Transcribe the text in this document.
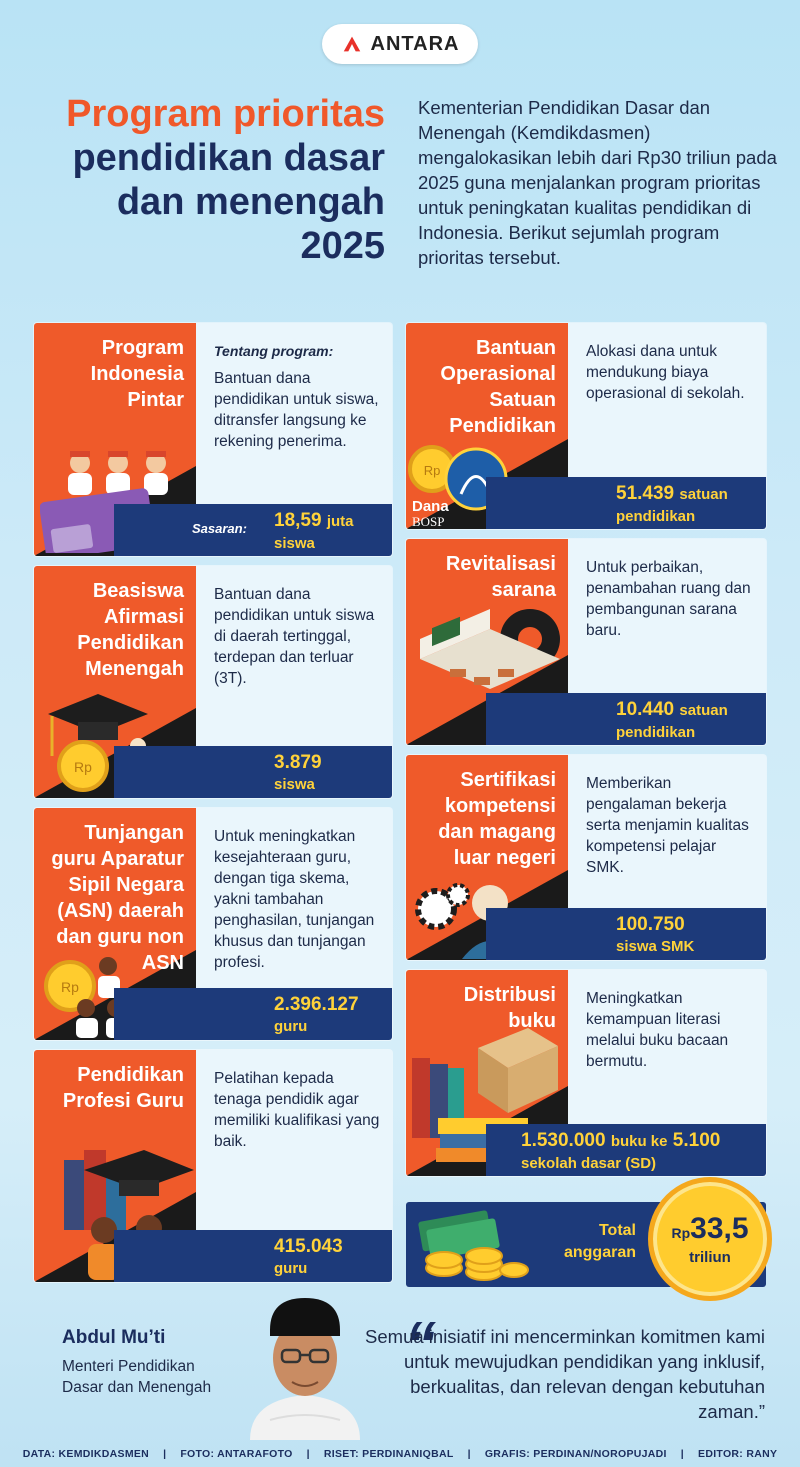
ANTARA
Program prioritas
pendidikan dasar
dan menengah
2025
Kementerian Pendidikan Dasar dan Menengah (Kemdikdasmen) mengalokasikan lebih dari Rp30 triliun pada 2025 guna menjalankan program prioritas untuk peningkatan kualitas pendidikan di Indonesia. Berikut sejumlah program prioritas tersebut.
Program Indonesia Pintar
Tentang program:
Bantuan dana pendidikan untuk siswa, ditransfer langsung ke rekening penerima.
Sasaran: 18,59 juta
siswa
Beasiswa Afirmasi Pendidikan Menengah
Rp
Bantuan dana pendidikan untuk siswa di daerah tertinggal, terdepan dan terluar (3T).
3.879
siswa
Tunjangan guru Aparatur Sipil Negara (ASN) daerah dan guru non ASN
Rp
Untuk meningkatkan kesejahteraan guru, dengan tiga skema, yakni tambahan penghasilan, tunjangan khusus dan tunjangan profesi.
2.396.127
guru
Pendidikan Profesi Guru
Pelatihan kepada tenaga pendidik agar memiliki kualifikasi yang baik.
415.043
guru
Bantuan Operasional Satuan Pendidikan
Rp
Dana
BOSP
Alokasi dana untuk mendukung biaya operasional di sekolah.
51.439 satuan
pendidikan
Revitalisasi sarana
Untuk perbaikan, penambahan ruang dan pembangunan sarana baru.
10.440 satuan
pendidikan
Sertifikasi kompetensi dan magang luar negeri
Memberikan pengalaman bekerja serta menjamin kualitas kompetensi pelajar SMK.
100.750
siswa SMK
Distribusi buku
Meningkatkan kemampuan literasi melalui buku bacaan bermutu.
1.530.000 buku ke 5.100
sekolah dasar (SD)
Total anggaran
Rp33,5
triliun
Abdul Mu’ti
Menteri Pendidikan Dasar dan Menengah
“
Semua inisiatif ini mencerminkan komitmen kami untuk mewujudkan pendidikan yang inklusif, berkualitas, dan relevan dengan kebutuhan zaman.”
DATA: KEMDIKDASMEN | FOTO: ANTARAFOTO | RISET: PERDINANIQBAL | GRAFIS: PERDINAN/NOROPUJADI | EDITOR: RANY
